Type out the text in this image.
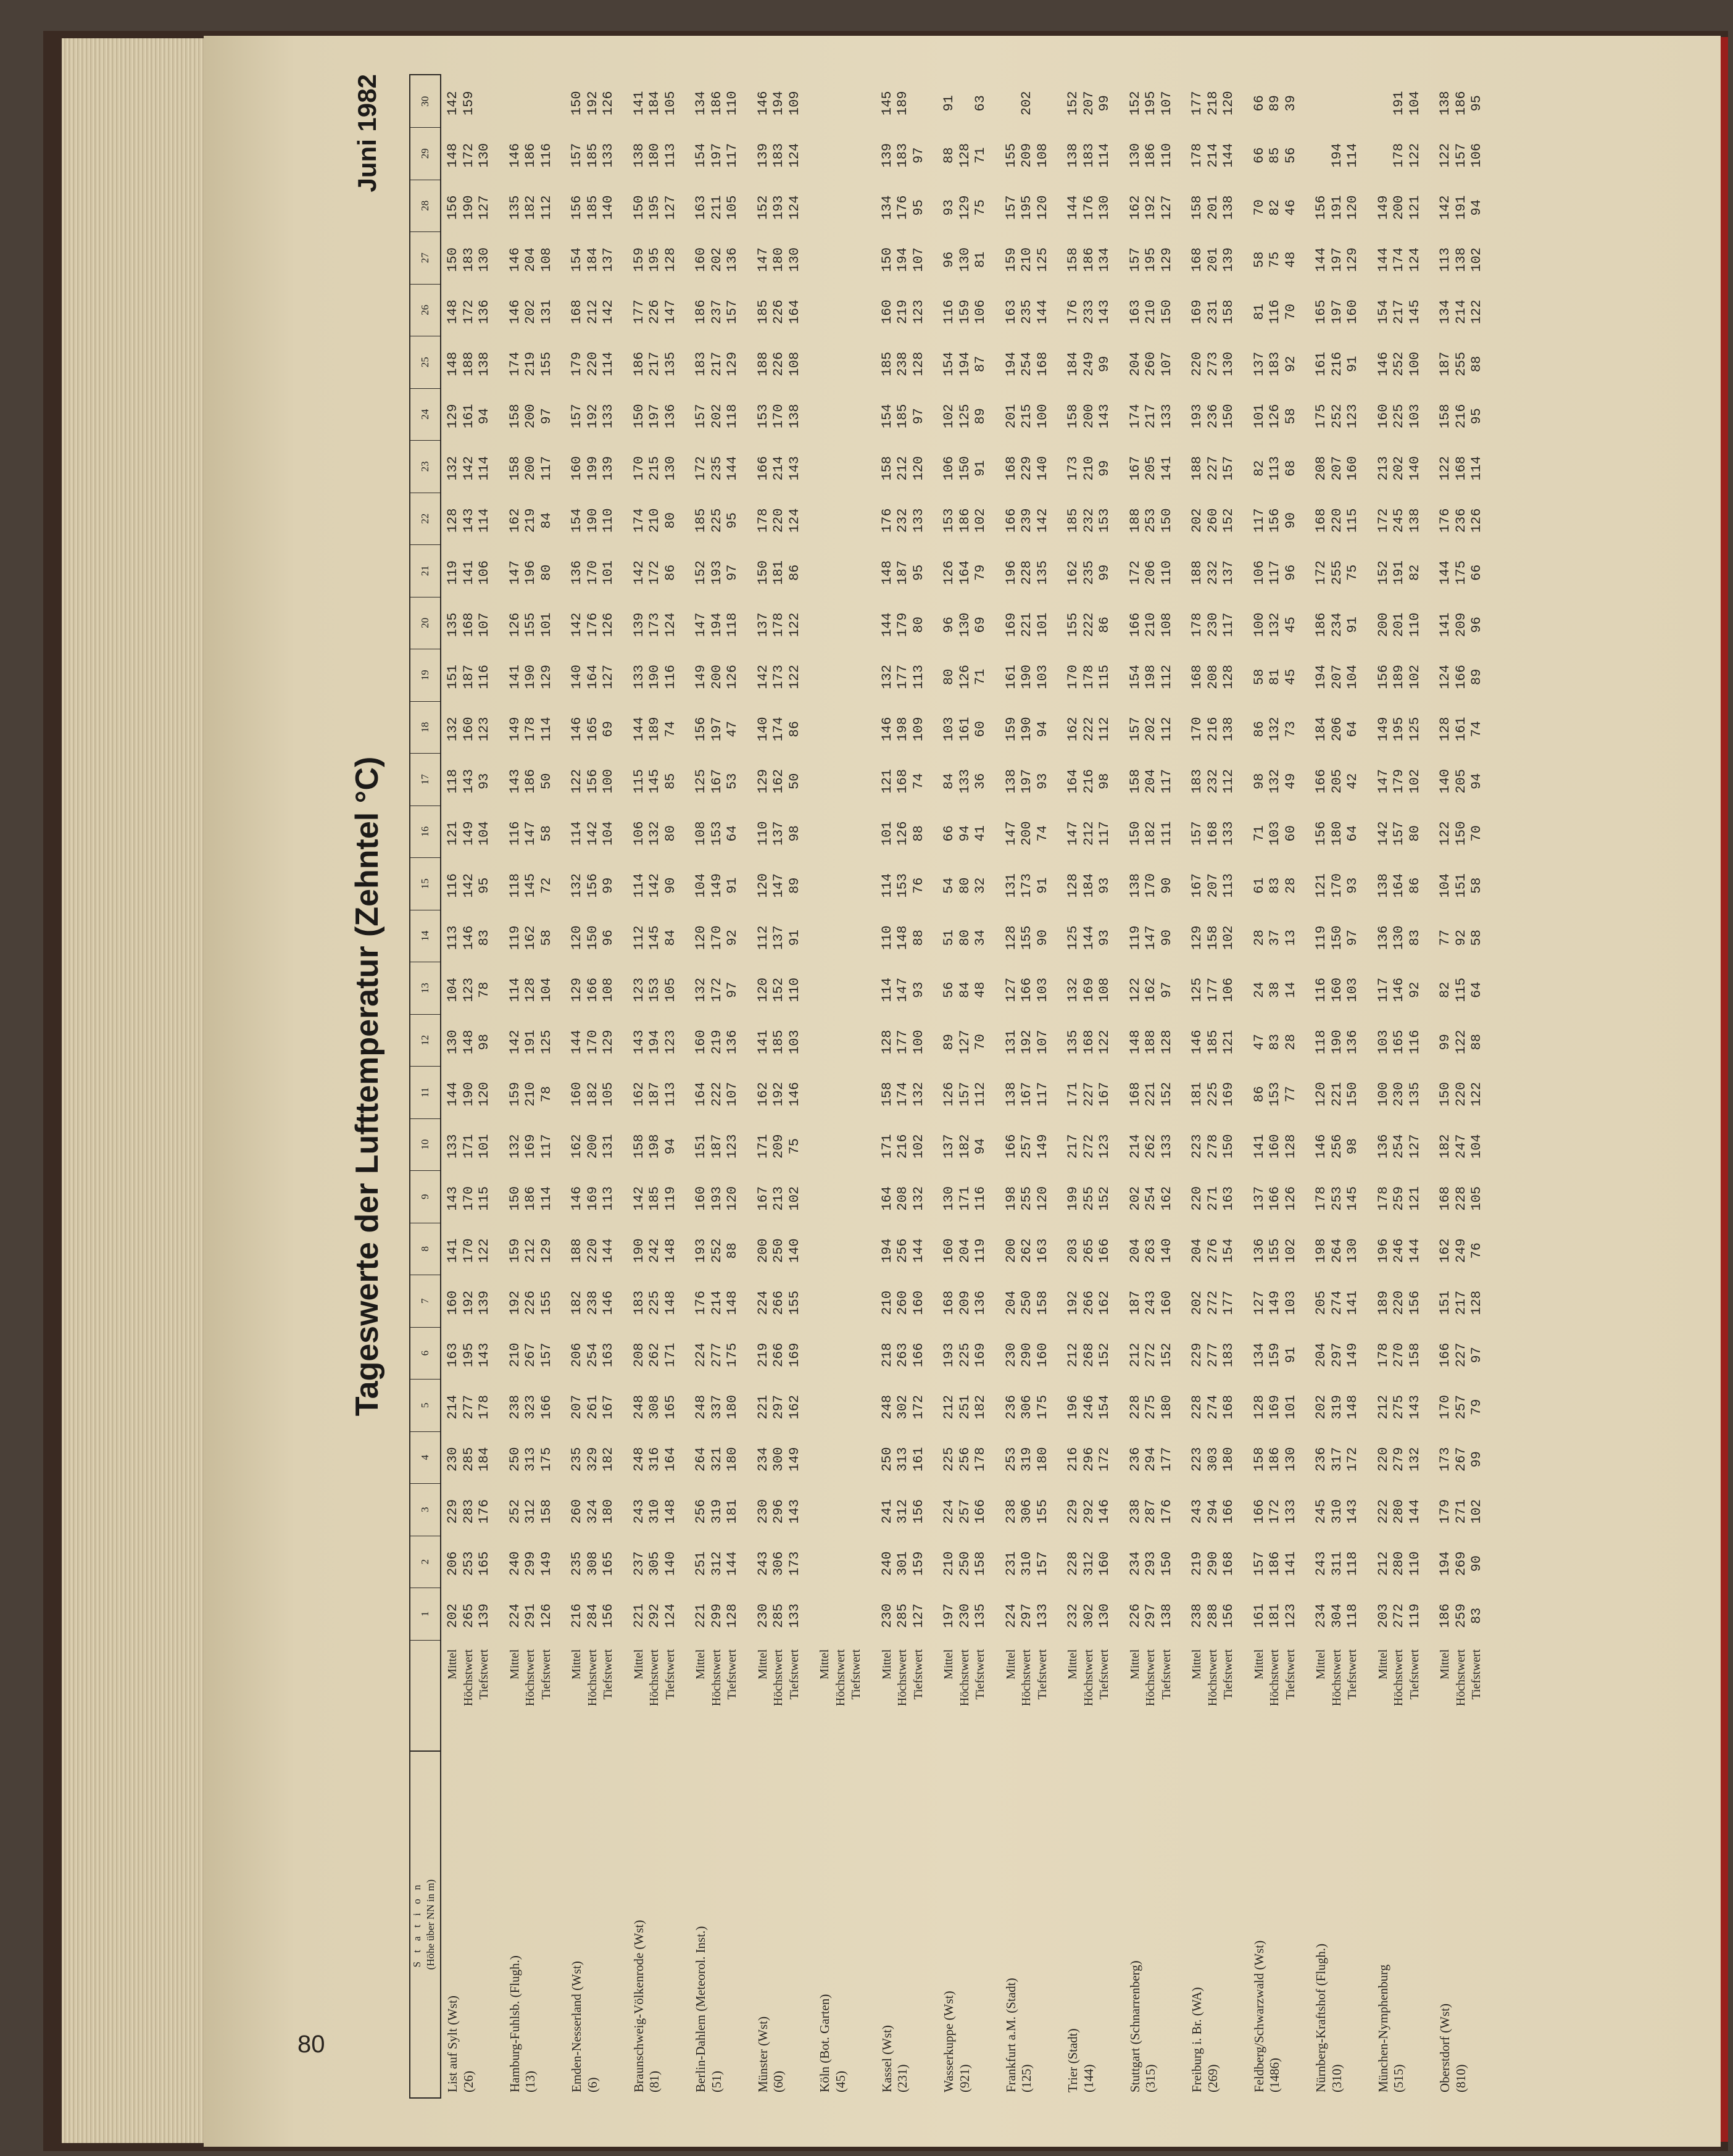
80
Tageswerte der Lufttemperatur (Zehntel °C)
Juni 1982
S t a t i o n (Höhe über NN in m)
1
2
3
4
5
6
7
8
9
10
11
12
13
14
15
16
17
18
19
20
21
22
23
24
25
26
27
28
29
30
List auf Sylt (Wst)
Mittel
202
206
229
230
214
163
160
141
143
133
144
130
104
113
116
121
118
132
151
135
119
128
132
129
148
148
150
156
148
142
(26)
Höchstwert
265
253
283
285
277
195
192
170
170
171
190
148
123
146
142
149
143
160
187
168
141
143
142
161
188
172
183
190
172
159
Tiefstwert
139
165
176
184
178
143
139
122
115
101
120
98
78
83
95
104
93
123
116
107
106
114
114
94
138
136
130
127
130
Hamburg-Fuhlsb. (Flugh.)
Mittel
224
240
252
250
238
210
192
159
150
132
159
142
114
119
118
116
143
149
141
126
147
162
158
158
174
146
146
135
146
(13)
Höchstwert
291
299
312
313
323
267
226
212
186
169
210
191
128
162
145
147
186
178
190
155
196
219
200
200
219
202
204
182
186
Tiefstwert
126
149
158
175
166
157
155
129
114
117
78
125
104
58
72
58
50
114
129
101
80
84
117
97
155
131
108
112
116
Emden-Nesserland (Wst)
Mittel
216
235
260
235
207
206
182
188
146
162
160
144
129
120
132
114
122
146
140
142
136
154
160
157
179
168
154
156
157
150
(6)
Höchstwert
284
308
324
329
261
254
238
220
169
200
182
170
166
150
156
142
156
165
164
176
170
190
199
192
220
212
184
185
185
192
Tiefstwert
156
165
180
182
167
163
146
144
113
131
105
129
108
96
99
104
100
69
127
126
101
110
139
133
114
142
137
140
133
126
Braunschweig-Völkenrode (Wst)
Mittel
221
237
243
248
248
208
183
190
142
158
162
143
123
112
114
106
115
144
133
139
142
174
170
150
186
177
159
150
138
141
(81)
Höchstwert
292
305
310
316
308
262
225
242
185
198
187
194
153
145
142
132
145
189
190
173
172
210
215
197
217
226
195
195
180
184
Tiefstwert
124
140
148
164
165
171
148
148
119
94
113
123
105
84
90
80
85
74
116
124
86
80
130
136
135
147
128
127
113
105
Berlin-Dahlem (Meteorol. Inst.)
Mittel
221
251
256
264
248
224
176
193
160
151
164
160
132
120
104
108
125
156
149
147
152
185
172
157
183
186
160
163
154
134
(51)
Höchstwert
299
312
319
321
337
277
214
252
193
187
222
219
172
170
149
153
167
197
200
194
193
225
235
202
217
237
202
211
197
186
Tiefstwert
128
144
181
180
180
175
148
88
120
123
107
136
97
92
91
64
53
47
126
118
97
95
144
118
129
157
136
105
117
110
Münster (Wst)
Mittel
230
243
230
234
221
219
224
200
167
171
162
141
120
112
120
110
129
140
142
137
150
178
166
153
188
185
147
152
139
146
(60)
Höchstwert
285
306
296
300
297
266
266
250
213
209
192
185
152
137
147
137
162
174
173
178
181
220
214
170
226
226
180
193
183
194
Tiefstwert
133
173
143
149
162
169
155
140
102
75
146
103
110
91
89
98
50
86
122
122
86
124
143
138
108
164
130
124
124
109
Köln (Bot. Garten)
Mittel
(45)
Höchstwert Tiefstwert
Kassel (Wst)
Mittel
230
240
241
250
248
218
210
194
164
171
158
128
114
110
114
101
121
146
132
144
148
176
158
154
185
160
150
134
139
145
(231)
Höchstwert
285
301
312
313
302
263
260
256
208
216
174
177
147
148
153
126
168
198
177
179
187
232
212
185
238
219
194
176
183
189
Tiefstwert
127
159
156
161
172
166
160
144
132
102
132
100
93
88
76
88
74
109
113
80
95
133
120
97
128
123
107
95
97
Wasserkuppe (Wst)
Mittel
197
210
224
225
212
193
168
160
130
137
126
89
56
51
54
66
84
103
80
96
126
153
106
102
154
116
96
93
88
91
(921)
Höchstwert
230
250
257
256
251
225
209
204
171
182
157
127
84
80
80
94
133
161
126
130
164
186
150
125
194
159
130
129
128
Tiefstwert
135
158
166
178
182
169
136
119
116
94
112
70
48
34
32
41
36
60
71
69
79
102
91
89
87
106
81
75
71
63
Frankfurt a.M. (Stadt)
Mittel
224
231
238
253
236
230
204
200
198
166
138
131
127
128
131
147
138
159
161
169
196
166
168
201
194
163
159
157
155
(125)
Höchstwert
297
310
306
319
306
290
250
262
255
257
167
192
166
155
173
200
197
190
190
221
228
239
229
215
254
235
210
195
209
202
Tiefstwert
133
157
155
180
175
160
158
163
120
149
117
107
103
90
91
74
93
94
103
101
135
142
140
100
168
144
125
120
108
Trier (Stadt)
Mittel
232
228
229
216
196
212
192
203
199
217
171
135
132
125
128
147
164
162
170
155
162
185
173
158
184
176
158
144
138
152
(144)
Höchstwert
302
312
292
296
246
268
266
265
255
272
227
168
169
144
184
212
216
222
178
222
235
232
210
200
249
233
186
176
183
207
Tiefstwert
130
160
146
172
154
152
162
166
152
123
167
122
108
93
93
117
98
112
115
86
99
153
99
143
99
143
134
130
114
99
Stuttgart (Schnarrenberg)
Mittel
226
234
238
236
228
212
187
204
202
214
168
148
122
119
138
150
158
157
154
166
172
188
167
174
204
163
157
162
130
152
(315)
Höchstwert
297
293
287
294
275
272
243
263
254
262
221
188
162
147
170
182
204
202
198
210
206
253
205
217
260
210
195
192
186
195
Tiefstwert
138
150
176
177
180
152
160
140
162
133
152
128
97
90
90
111
117
112
112
108
110
150
141
133
107
150
129
127
110
107
Freiburg i. Br. (WA)
Mittel
238
219
243
223
228
229
202
204
220
223
181
146
125
129
167
157
183
170
168
178
188
202
188
193
220
169
168
158
178
177
(269)
Höchstwert
288
290
294
303
274
277
272
276
271
278
225
185
177
158
207
168
232
216
208
230
232
260
227
236
273
231
201
201
214
218
Tiefstwert
156
168
166
180
168
183
177
154
163
150
169
121
106
102
113
133
112
138
128
117
137
152
157
150
130
158
139
138
144
120
Feldberg/Schwarzwald (Wst)
Mittel
161
157
166
158
128
134
127
136
137
141
86
47
24
28
61
71
98
86
58
100
106
117
82
101
137
81
58
70
66
66
(1486)
Höchstwert
181
186
172
186
169
159
149
155
166
160
153
83
38
37
83
103
132
132
81
132
117
156
113
126
183
116
75
82
85
89
Tiefstwert
123
141
133
130
101
91
103
102
126
128
77
28
14
13
28
60
49
73
45
45
96
90
68
58
92
70
48
46
56
39
Nürnberg-Kraftshof (Flugh.)
Mittel
234
243
245
236
202
204
205
198
178
146
120
118
116
119
121
156
166
184
194
186
172
168
208
175
161
165
144
156
(310)
Höchstwert
304
311
310
317
319
297
274
264
253
256
221
190
160
150
170
180
205
206
207
234
255
220
207
252
216
197
197
191
194
Tiefstwert
118
118
143
172
148
149
141
130
145
98
150
136
103
97
93
64
42
64
104
91
75
115
160
123
91
160
129
120
114
München-Nymphenburg
Mittel
203
212
222
220
212
178
189
196
178
136
100
103
117
136
138
142
147
149
156
200
152
172
213
160
146
154
144
149
(515)
Höchstwert
272
280
280
279
275
270
220
246
259
254
230
165
146
130
164
157
179
195
189
201
191
245
202
225
252
217
174
200
178
191
Tiefstwert
119
110
144
132
143
158
156
144
121
127
135
116
92
83
86
80
102
125
102
110
82
138
140
103
100
145
124
121
122
104
Oberstdorf (Wst)
Mittel
186
194
179
173
170
166
151
162
168
182
150
99
82
77
104
122
140
128
124
141
144
176
122
158
187
134
113
142
122
138
(810)
Höchstwert
259
269
271
267
257
227
217
249
228
247
220
122
115
92
151
150
205
161
166
209
175
236
168
216
255
214
138
191
157
186
Tiefstwert
83
90
102
99
79
97
128
76
105
104
122
88
64
58
58
70
94
74
89
96
66
126
114
95
88
122
102
94
106
95
